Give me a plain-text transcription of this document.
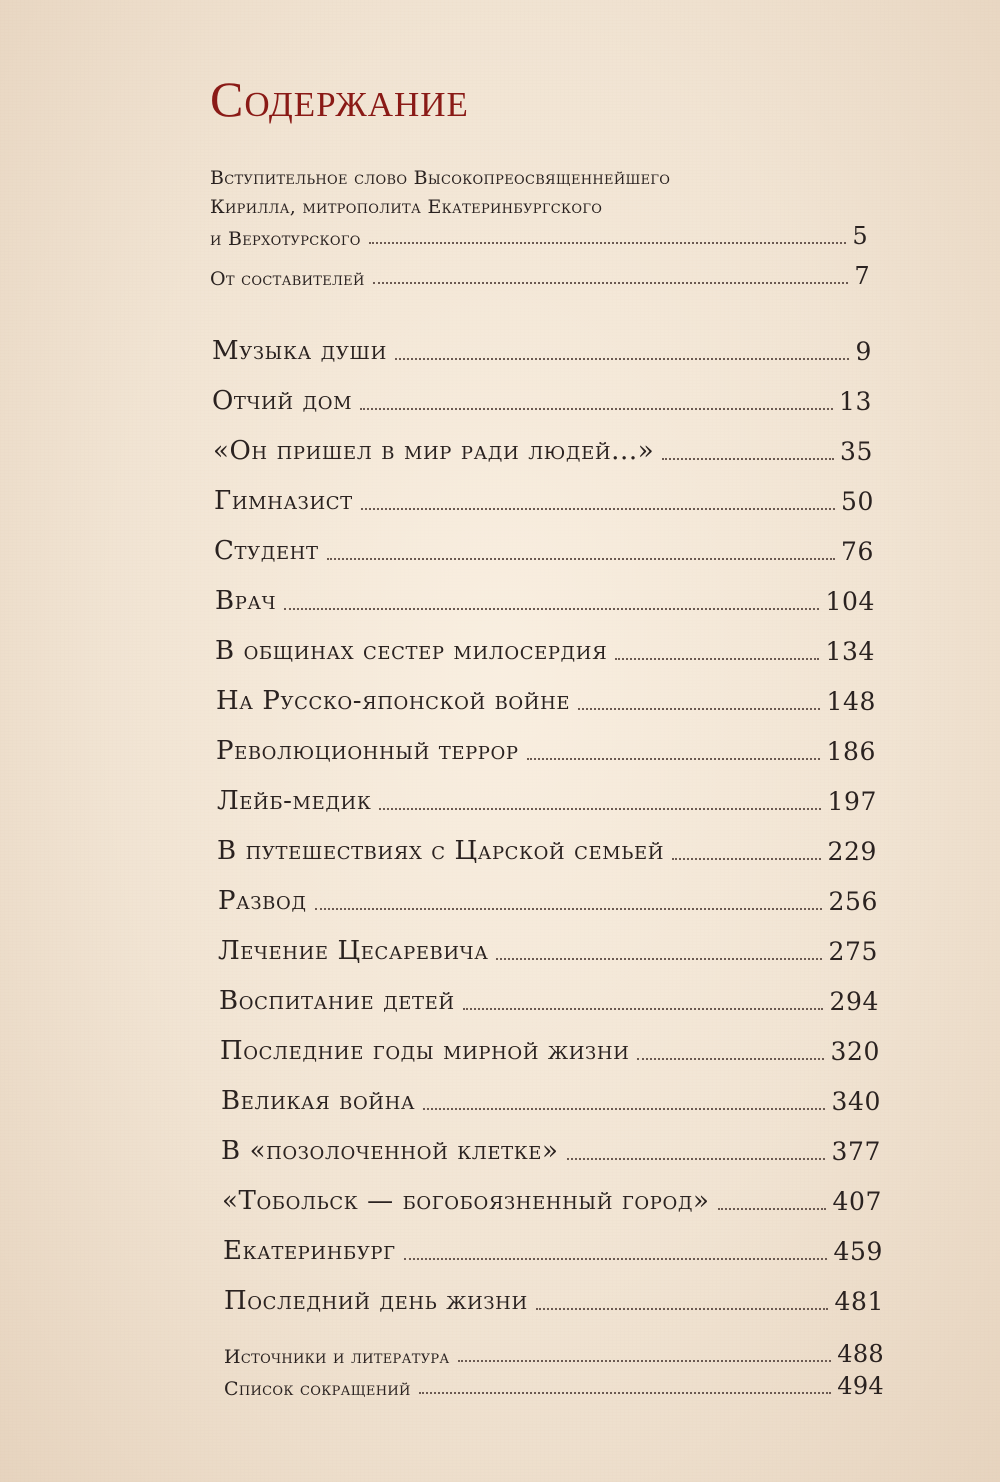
Содержание
Вступительное слово Высокопреосвященнейшего
Кирилла, митрополита Екатеринбургского
и Верхотурского	5
От составителей	7
Музыка души	9
Отчий дом	13
«Он пришел в мир ради людей...»	35
Гимназист	50
Студент	76
Врач	104
В общинах сестер милосердия	134
На Русско-японской войне	148
Революционный террор	186
Лейб-медик	197
В путешествиях с Царской семьей	229
Развод	256
Лечение Цесаревича	275
Воспитание детей	294
Последние годы мирной жизни	320
Великая война	340
В «позолоченной клетке»	377
«Тобольск — богобоязненный город»	407
Екатеринбург	459
Последний день жизни	481
Источники и литература	488
Список сокращений	494
